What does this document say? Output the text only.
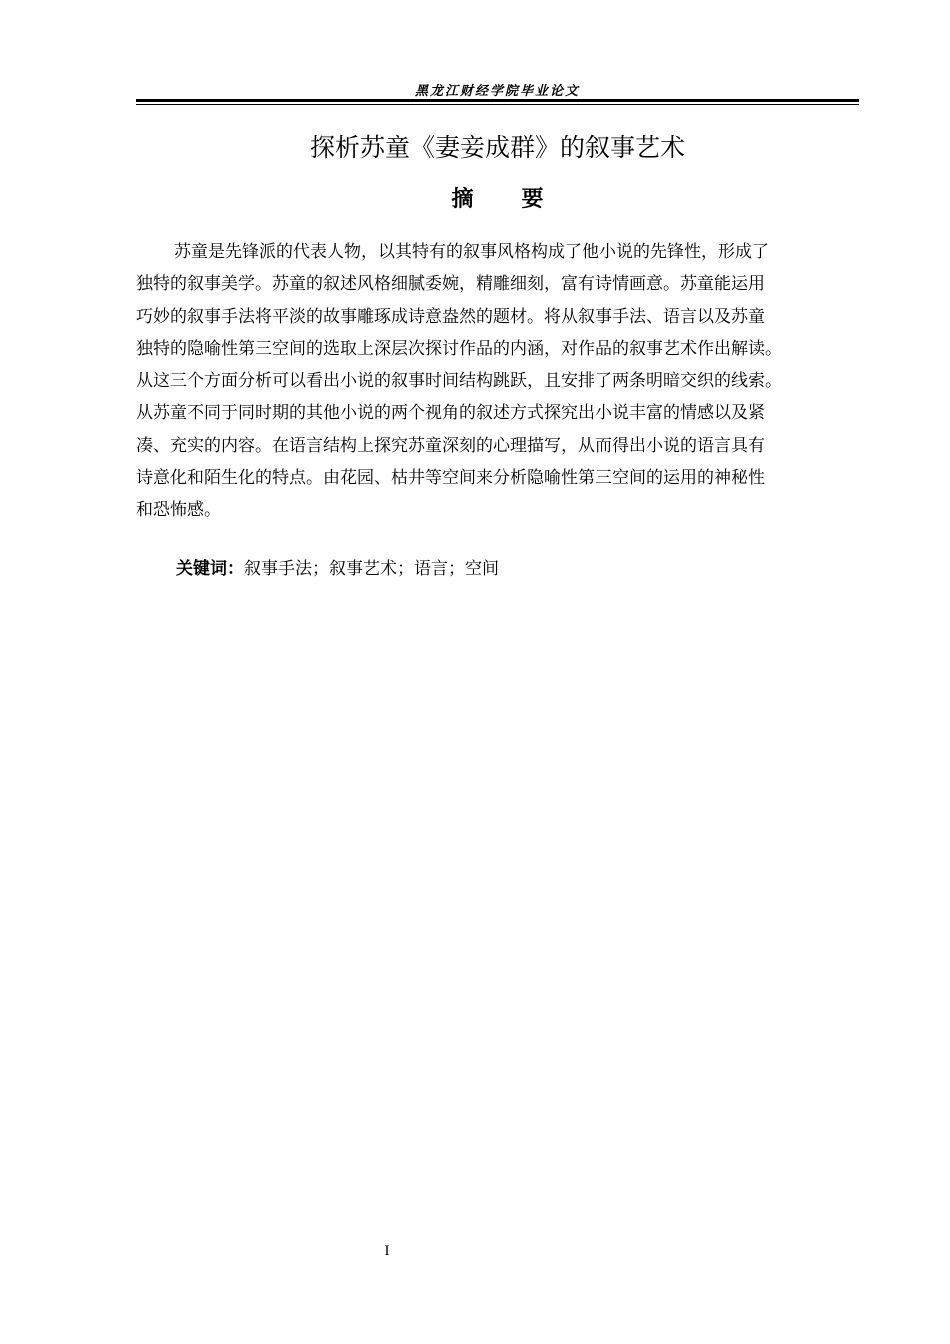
黑龙江财经学院毕业论文
探析苏童《妻妾成群》的叙事艺术
摘 要
苏童是先锋派的代表人物，以其特有的叙事风格构成了他小说的先锋性，形成了
独特的叙事美学。苏童的叙述风格细腻委婉，精雕细刻，富有诗情画意。苏童能运用
巧妙的叙事手法将平淡的故事雕琢成诗意盎然的题材。将从叙事手法、语言以及苏童
独特的隐喻性第三空间的选取上深层次探讨作品的内涵，对作品的叙事艺术作出解读。
从这三个方面分析可以看出小说的叙事时间结构跳跃，且安排了两条明暗交织的线索。
从苏童不同于同时期的其他小说的两个视角的叙述方式探究出小说丰富的情感以及紧
凑、充实的内容。在语言结构上探究苏童深刻的心理描写，从而得出小说的语言具有
诗意化和陌生化的特点。由花园、枯井等空间来分析隐喻性第三空间的运用的神秘性
和恐怖感。
关键词：叙事手法；叙事艺术；语言；空间
I
